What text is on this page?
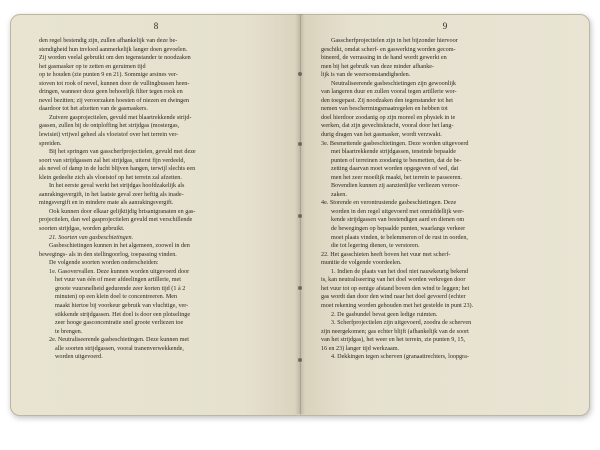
8
den regel bestendig zijn, zullen afhankelijk van deze be-
stendigheid hun invloed aanmerkelijk langer doen gevoelen.
Zij worden veelal gebruikt om den tegenstander te noodzaken
het gasmasker op te zetten en geruimen tijd
op te houden (zie punten 9 en 21). Sommige arsines ver-
stoven tot rook of nevel, kunnen door de vullingbussen heen-
dringen, wanneer deze geen behoorlijk filter tegen rook en
nevel bezitten; zij veroorzaken hoesten of niezen en dwingen
daardoor tot het afzetten van de gasmaskers.
Zuivere gasprojectielen, gevuld met blaartrekkende strijd-
gassen, zullen bij de ontploffing het strijdgas (mostergas,
lewisiet) vrijwel geheel als vloeistof over het terrein ver-
spreiden.
Bij het springen van gasscherfprojectielen, gevuld met deze
soort van strijdgassen zal het strijdgas, uiterst fijn verdeeld,
als nevel of damp in de lucht blijven hangen, terwijl slechts een
klein gedeelte zich als vloeistof op het terrein zal afzetten.
In het eerste geval werkt het strijdgas hoofdzakelijk als
aanrakingsvergift, in het laatste geval zeer heftig als inade-
mingsvergift en in mindere mate als aanrakingsvergift.
Ook kunnen door elkaar gelijktijdig brisantgranaten en gas-
projectielen, dan wel gasprojectielen gevuld met verschillende
soorten strijdgas, worden gebruikt.
21. Soorten van gasbeschietingen.
Gasbeschietingen kunnen in het algemeen, zoowel in den
bewegings- als in den stellingoorlog, toepassing vinden.
De volgende soorten worden onderscheiden:
1e. Gasovervallen. Deze kunnen worden uitgevoerd door
het vuur van één of meer afdeelingen artillerie, met
groote vuursnelheid gedurende zeer korten tijd (1 à 2
minuten) op een klein doel te concentreeren. Men
maakt hiertoe bij voorkeur gebruik van vluchtige, ver-
stikkende strijdgassen. Het doel is door een plotselinge
zeer hooge gasconcentratie snel groote verliezen toe
te brengen.
2e. Neutraliseerende gasbeschietingen. Deze kunnen met
alle soorten strijdgassen, vooral tranenverwekkende,
worden uitgevoerd.
9
Gasscherfprojectielen zijn in het bijzonder hiervoor
geschikt, omdat scherf- en gaswerking worden gecom-
bineerd, de verrassing in de hand wordt gewerkt en
men bij het gebruik van deze minder afhanke-
lijk is van de weersomstandigheden.
Neutraliseerende gasbeschietingen zijn gewoonlijk
van langeren duur en zullen vooral tegen artillerie wor-
den toegepast. Zij noodzaken den tegenstander tot het
nemen van beschermingsmaatregelen en hebben tot
doel hierdoor zoodanig op zijn moreel en physiek in te
werken, dat zijn gevechtskracht, vooral door het lang-
durig dragen van het gasmasker, wordt verzwakt.
3e. Besmettende gasbeschietingen. Deze worden uitgevoerd
met blaartrekkende strijdgassen, teneinde bepaalde
punten of terreinen zoodanig te besmetten, dat de be-
zetting daarvan moet worden opgegeven of wel, dat
men het zeer moeilijk maakt, het terrein te passeeren.
Bovendien kunnen zij aanzienlijke verliezen veroor-
zaken.
4e. Storende en verontrustende gasbeschietingen. Deze
worden in den regel uitgevoerd met onmiddellijk wer-
kende strijdgassen van bestendigen aard en dienen om
de bewegingen op bepaalde punten, waarlangs verkeer
moet plaats vinden, te belemmeren of de rust in oorden,
die tot legering dienen, te verstoren.
22. Het gasschieten heeft boven het vuur met scherf-
munitie de volgende voordeelen.
1. Indien de plaats van het doel niet nauwkeurig bekend
is, kan neutraliseering van het doel worden verkregen door
het vuur tot op eenige afstand boven den wind te leggen; het
gas wordt dan door den wind naar het doel gevoerd (echter
moet rekening worden gehouden met het gestelde in punt 23).
2. De gasbundel bevat geen ledige ruimten.
3. Scherfprojectielen zijn uitgevoerd, zoodra de scherven
zijn neergekomen; gas echter blijft (afhankelijk van de soort
van het strijdgas), het weer en het terrein, zie punten 9, 15,
16 en 23) langer tijd werkzaam.
4. Dekkingen tegen scherven (granaattrechters, loopgra-
